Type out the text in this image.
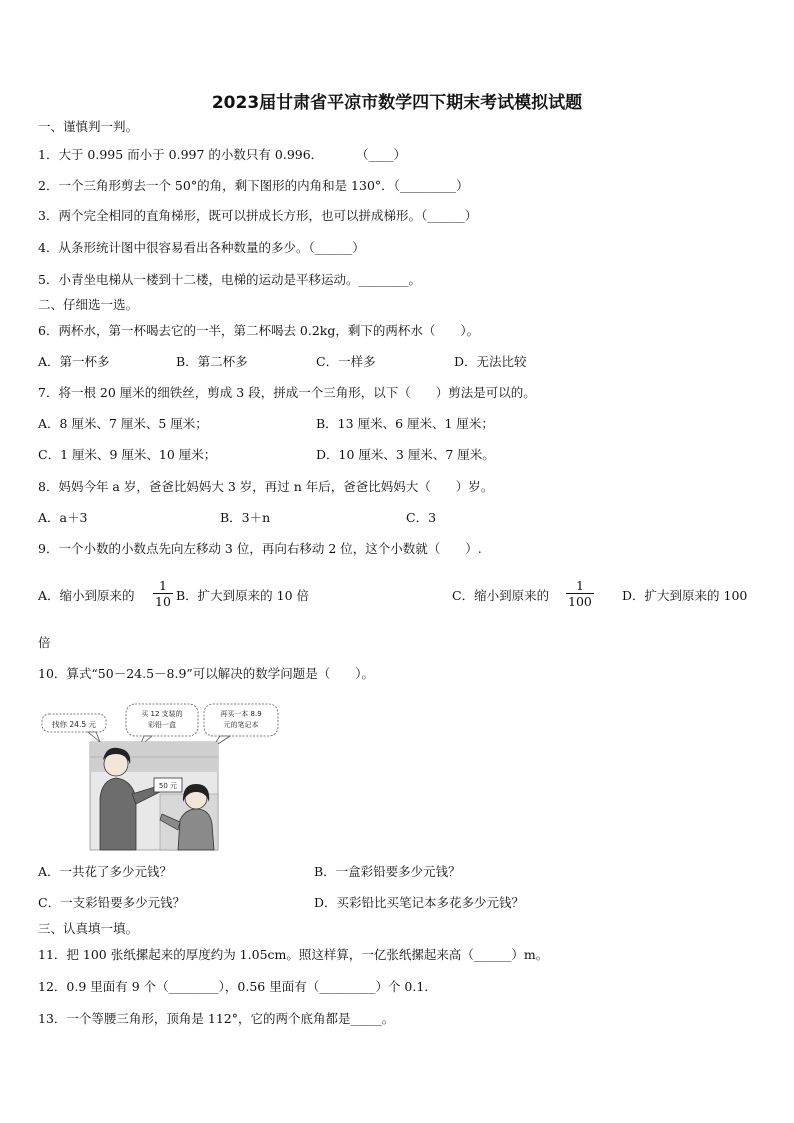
2023届甘肃省平凉市数学四下期末考试模拟试题
一、谨慎判一判。
1．大于 0.995 而小于 0.997 的小数只有 0.996．	（____）
2．一个三角形剪去一个 50°的角，剩下图形的内角和是 130°．（_________）
3．两个完全相同的直角梯形，既可以拼成长方形，也可以拼成梯形。（______）
4．从条形统计图中很容易看出各种数量的多少。（______）
5．小青坐电梯从一楼到十二楼，电梯的运动是平移运动。________。
二、仔细选一选。
6．两杯水，第一杯喝去它的一半，第二杯喝去 0.2kg，剩下的两杯水（　　）。
A．第一杯多	B．第二杯多	C．一样多	D．无法比较
7．将一根 20 厘米的细铁丝，剪成 3 段，拼成一个三角形，以下（　　）剪法是可以的。
A．8 厘米、7 厘米、5 厘米；	B．13 厘米、6 厘米、1 厘米；
C．1 厘米、9 厘米、10 厘米；	D．10 厘米、3 厘米、7 厘米。
8．妈妈今年 a 岁，爸爸比妈妈大 3 岁，再过 n 年后，爸爸比妈妈大（　　）岁。
A．a＋3	B．3＋n	C．3
9．一个小数的小数点先向左移动 3 位，再向右移动 2 位，这个小数就（　　）.
A．缩小到原来的 $\frac{1}{10}$ B．扩大到原来的 10 倍	C．缩小到原来的 $\frac{1}{100}$ D．扩大到原来的 100
倍
10．算式“50－24.5－8.9”可以解决的数学问题是（　　）。
找你 24.5 元
买 12 支装的彩铅一盒
再买一本 8.9 元的笔记本
50 元
A．一共花了多少元钱？	B．一盒彩铅要多少元钱？
C．一支彩铅要多少元钱？	D．买彩铅比买笔记本多花多少元钱？
三、认真填一填。
11．把 100 张纸摞起来的厚度约为 1.05cm。照这样算，一亿张纸摞起来高（______）m。
12．0.9 里面有 9 个（________），0.56 里面有（_________）个 0.1．
13．一个等腰三角形，顶角是 112°，它的两个底角都是_____。
